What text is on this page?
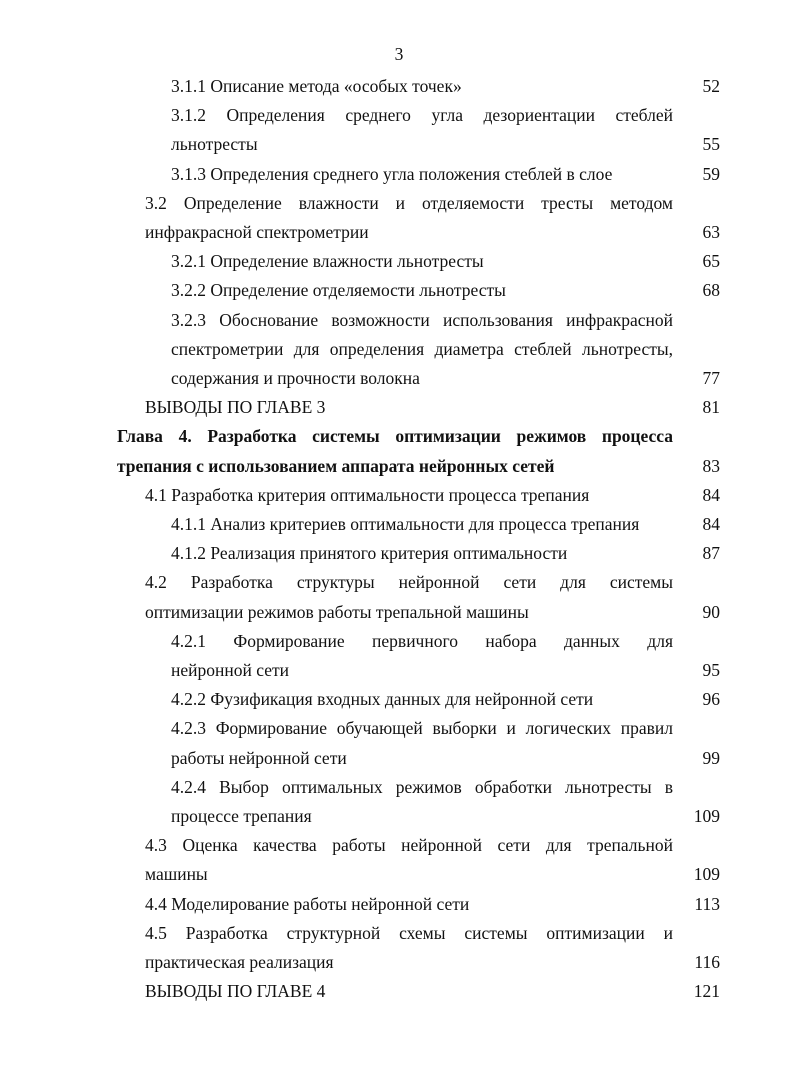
3
3.1.1 Описание метода «особых точек»	52
3.1.2 Определения среднего угла дезориентации стеблей
льнотресты	55
3.1.3 Определения среднего угла положения стеблей в слое	59
3.2 Определение влажности и отделяемости тресты методом
инфракрасной спектрометрии	63
3.2.1 Определение влажности льнотресты	65
3.2.2 Определение отделяемости льнотресты	68
3.2.3 Обоснование возможности использования инфракрасной
спектрометрии для определения диаметра стеблей льнотресты,
содержания и прочности волокна	77
ВЫВОДЫ ПО ГЛАВЕ 3	81
Глава 4. Разработка системы оптимизации режимов процесса
трепания с использованием аппарата нейронных сетей	83
4.1 Разработка критерия оптимальности процесса трепания	84
4.1.1 Анализ критериев оптимальности для процесса трепания	84
4.1.2 Реализация принятого критерия оптимальности	87
4.2 Разработка структуры нейронной сети для системы
оптимизации режимов работы трепальной машины	90
4.2.1 Формирование первичного набора данных для
нейронной сети	95
4.2.2 Фузификация входных данных для нейронной сети	96
4.2.3 Формирование обучающей выборки и логических правил
работы нейронной сети	99
4.2.4 Выбор оптимальных режимов обработки льнотресты в
процессе трепания	109
4.3 Оценка качества работы нейронной сети для трепальной
машины	109
4.4 Моделирование работы нейронной сети	113
4.5 Разработка структурной схемы системы оптимизации и
практическая реализация	116
ВЫВОДЫ ПО ГЛАВЕ 4	121
